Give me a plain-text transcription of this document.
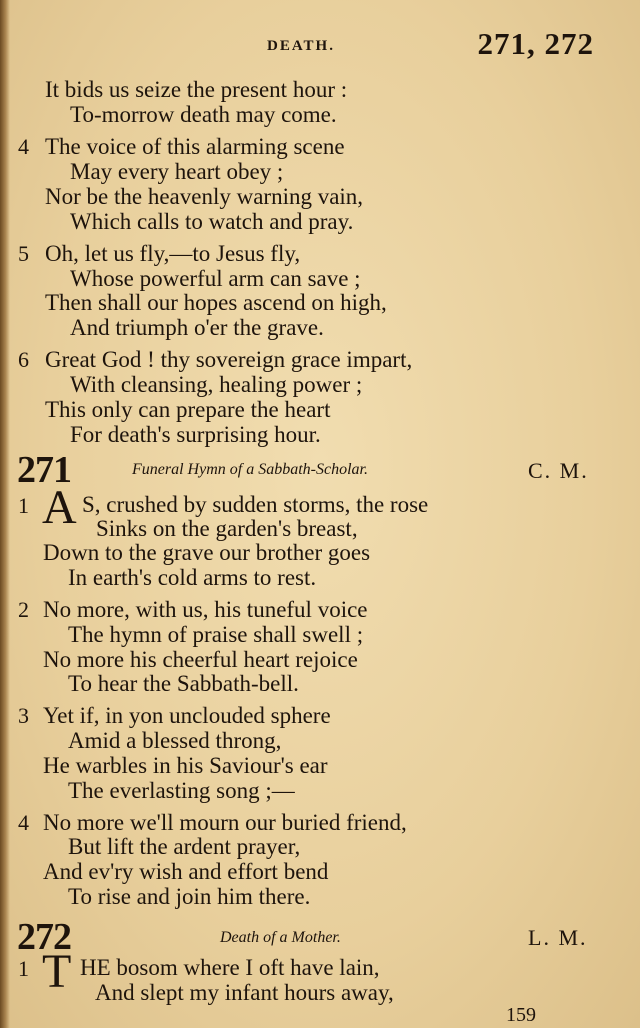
DEATH.	271, 272
It bids us seize the present hour :
To-morrow death may come.
4 The voice of this alarming scene
May every heart obey ;
Nor be the heavenly warning vain,
Which calls to watch and pray.
5 Oh, let us fly,—to Jesus fly,
Whose powerful arm can save ;
Then shall our hopes ascend on high,
And triumph o'er the grave.
6 Great God ! thy sovereign grace impart,
With cleansing, healing power ;
This only can prepare the heart
For death's surprising hour.
271	Funeral Hymn of a Sabbath-Scholar.	C. M.
1 A S, crushed by sudden storms, the rose
Sinks on the garden's breast,
Down to the grave our brother goes
In earth's cold arms to rest.
2 No more, with us, his tuneful voice
The hymn of praise shall swell ;
No more his cheerful heart rejoice
To hear the Sabbath-bell.
3 Yet if, in yon unclouded sphere
Amid a blessed throng,
He warbles in his Saviour's ear
The everlasting song ;—
4 No more we'll mourn our buried friend,
But lift the ardent prayer,
And ev'ry wish and effort bend
To rise and join him there.
272	Death of a Mother.	L. M.
1 T HE bosom where I oft have lain,
And slept my infant hours away,
159
